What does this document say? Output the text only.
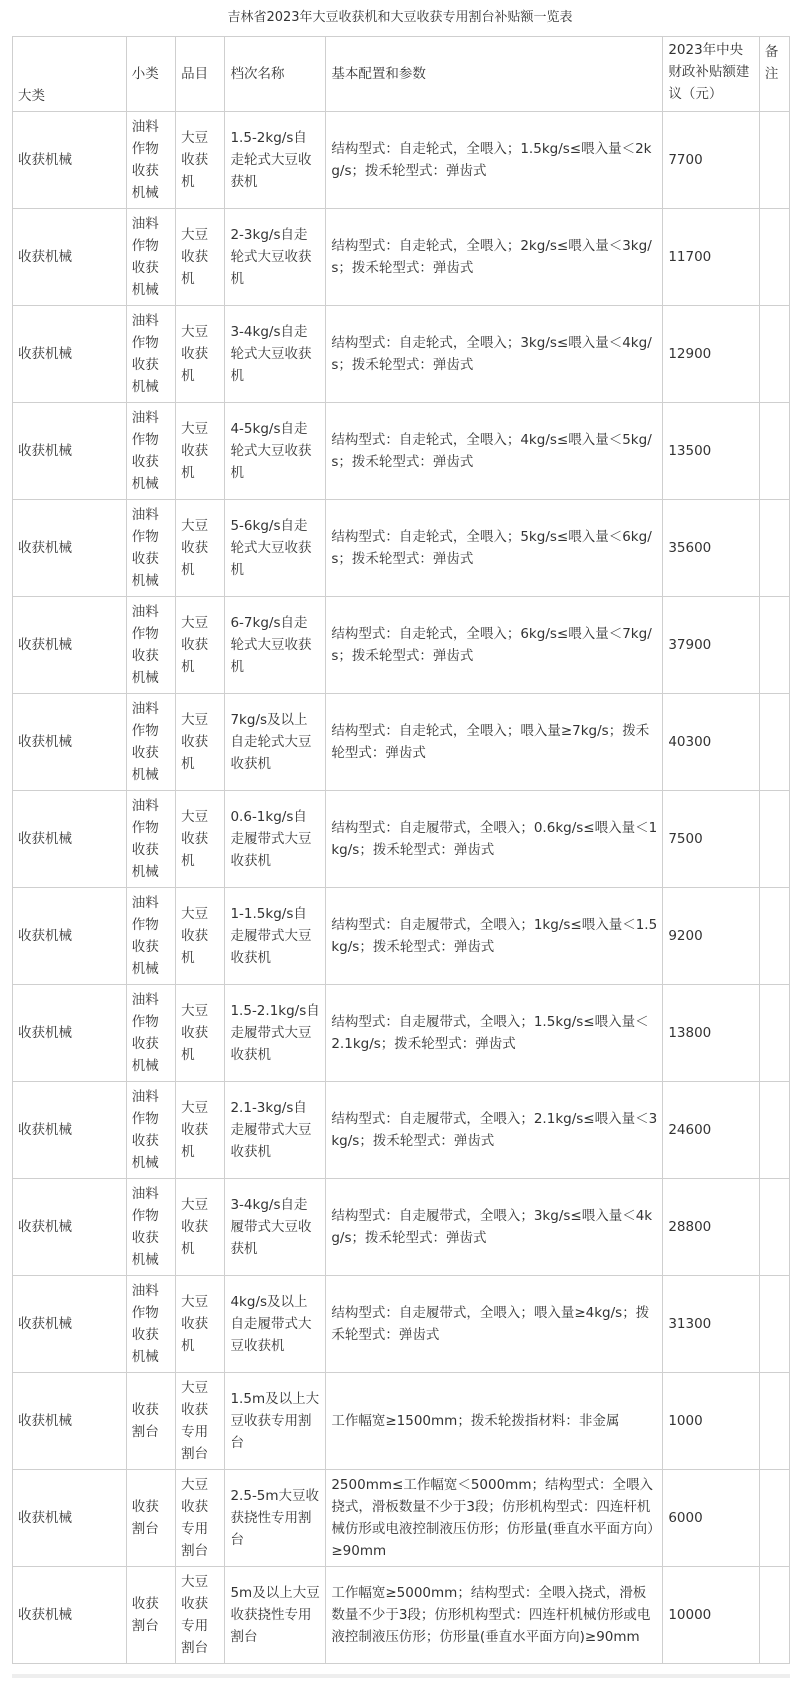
吉林省2023年大豆收获机和大豆收获专用割台补贴额一览表
大类	小类	品目	档次名称	基本配置和参数	2023年中央财政补贴额建议（元）	备注
收获机械	油料作物收获机械	大豆收获机	1.5-2kg/s自走轮式大豆收获机	结构型式：自走轮式，全喂入；1.5kg/s≤喂入量＜2kg/s；拨禾轮型式：弹齿式	7700	
收获机械	油料作物收获机械	大豆收获机	2-3kg/s自走轮式大豆收获机	结构型式：自走轮式，全喂入；2kg/s≤喂入量＜3kg/s；拨禾轮型式：弹齿式	11700	
收获机械	油料作物收获机械	大豆收获机	3-4kg/s自走轮式大豆收获机	结构型式：自走轮式，全喂入；3kg/s≤喂入量＜4kg/s；拨禾轮型式：弹齿式	12900	
收获机械	油料作物收获机械	大豆收获机	4-5kg/s自走轮式大豆收获机	结构型式：自走轮式，全喂入；4kg/s≤喂入量＜5kg/s；拨禾轮型式：弹齿式	13500	
收获机械	油料作物收获机械	大豆收获机	5-6kg/s自走轮式大豆收获机	结构型式：自走轮式，全喂入；5kg/s≤喂入量＜6kg/s；拨禾轮型式：弹齿式	35600	
收获机械	油料作物收获机械	大豆收获机	6-7kg/s自走轮式大豆收获机	结构型式：自走轮式，全喂入；6kg/s≤喂入量＜7kg/s；拨禾轮型式：弹齿式	37900	
收获机械	油料作物收获机械	大豆收获机	7kg/s及以上自走轮式大豆收获机	结构型式：自走轮式，全喂入；喂入量≥7kg/s；拨禾轮型式：弹齿式	40300	
收获机械	油料作物收获机械	大豆收获机	0.6-1kg/s自走履带式大豆收获机	结构型式：自走履带式，全喂入；0.6kg/s≤喂入量＜1kg/s；拨禾轮型式：弹齿式	7500	
收获机械	油料作物收获机械	大豆收获机	1-1.5kg/s自走履带式大豆收获机	结构型式：自走履带式，全喂入；1kg/s≤喂入量＜1.5kg/s；拨禾轮型式：弹齿式	9200	
收获机械	油料作物收获机械	大豆收获机	1.5-2.1kg/s自走履带式大豆收获机	结构型式：自走履带式，全喂入；1.5kg/s≤喂入量＜2.1kg/s；拨禾轮型式：弹齿式	13800	
收获机械	油料作物收获机械	大豆收获机	2.1-3kg/s自走履带式大豆收获机	结构型式：自走履带式，全喂入；2.1kg/s≤喂入量＜3kg/s；拨禾轮型式：弹齿式	24600	
收获机械	油料作物收获机械	大豆收获机	3-4kg/s自走履带式大豆收获机	结构型式：自走履带式，全喂入；3kg/s≤喂入量＜4kg/s；拨禾轮型式：弹齿式	28800	
收获机械	油料作物收获机械	大豆收获机	4kg/s及以上自走履带式大豆收获机	结构型式：自走履带式，全喂入；喂入量≥4kg/s；拨禾轮型式：弹齿式	31300	
收获机械	收获割台	大豆收获专用割台	1.5m及以上大豆收获专用割台	工作幅宽≥1500mm；拨禾轮拨指材料：非金属	1000	
收获机械	收获割台	大豆收获专用割台	2.5-5m大豆收获挠性专用割台	2500mm≤工作幅宽＜5000mm；结构型式：全喂入挠式，滑板数量不少于3段；仿形机构型式：四连杆机械仿形或电液控制液压仿形；仿形量(垂直水平面方向）≥90mm	6000	
收获机械	收获割台	大豆收获专用割台	5m及以上大豆收获挠性专用割台	工作幅宽≥5000mm；结构型式：全喂入挠式，滑板数量不少于3段；仿形机构型式：四连杆机械仿形或电液控制液压仿形；仿形量(垂直水平面方向)≥90mm	10000	
